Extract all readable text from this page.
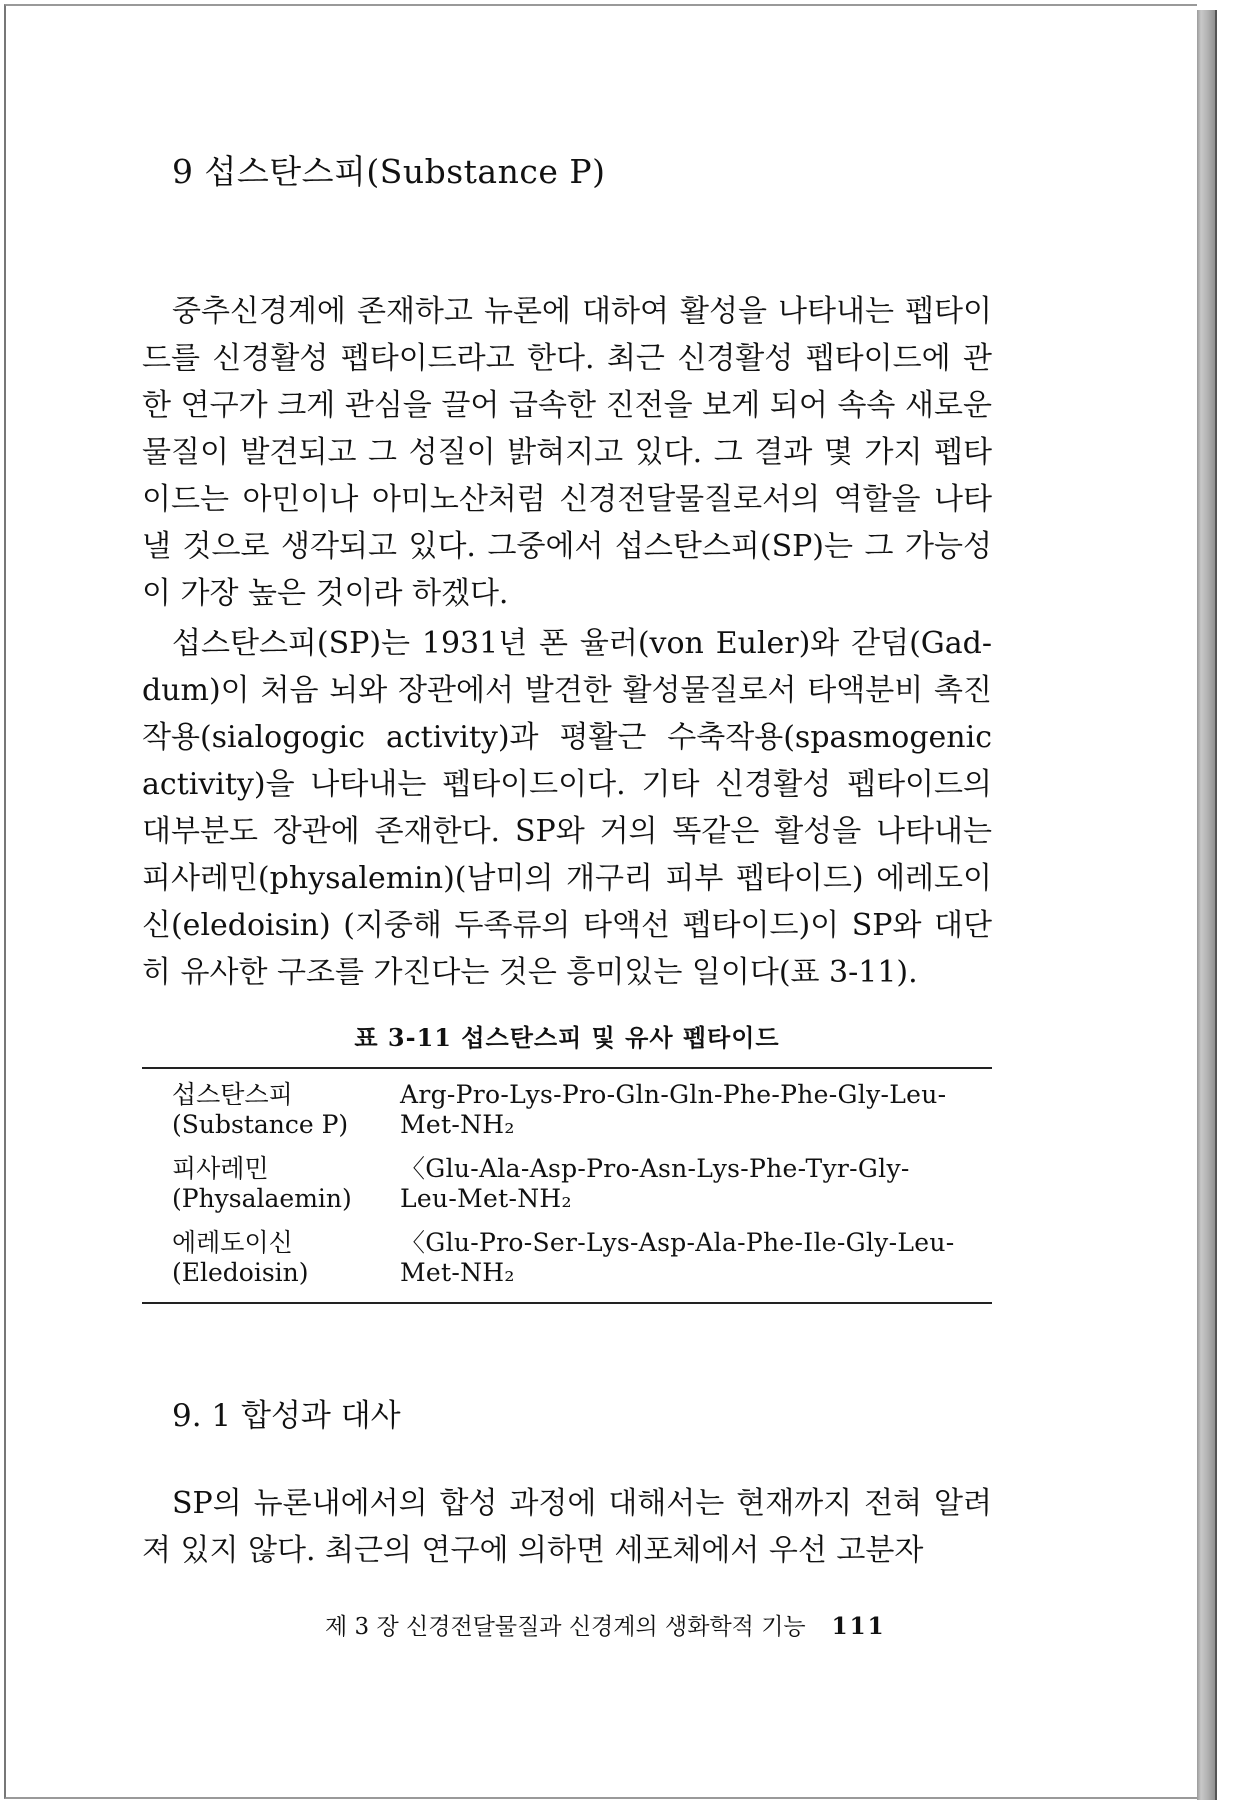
9 섭스탄스피(Substance P)

중추신경계에 존재하고 뉴론에 대하여 활성을 나타내는 펩타이드를 신경활성 펩타이드라고 한다. 최근 신경활성 펩타이드에 관한 연구가 크게 관심을 끌어 급속한 진전을 보게 되어 속속 새로운 물질이 발견되고 그 성질이 밝혀지고 있다. 그 결과 몇 가지 펩타이드는 아민이나 아미노산처럼 신경전달물질로서의 역할을 나타낼 것으로 생각되고 있다. 그중에서 섭스탄스피(SP)는 그 가능성이 가장 높은 것이라 하겠다.

섭스탄스피(SP)는 1931년 폰 율러(von Euler)와 갇덤(Gad-dum)이 처음 뇌와 장관에서 발견한 활성물질로서 타액분비 촉진작용(sialogogic activity)과 평활근 수축작용(spasmogenic activity)을 나타내는 펩타이드이다. 기타 신경활성 펩타이드의 대부분도 장관에 존재한다. SP와 거의 똑같은 활성을 나타내는 피사레민(physalemin)(남미의 개구리 피부 펩타이드) 에레도이신(eledoisin) (지중해 두족류의 타액선 펩타이드)이 SP와 대단히 유사한 구조를 가진다는 것은 흥미있는 일이다(표 3-11).

표 3-11 섭스탄스피 및 유사 펩타이드

섭스탄스피
(Substance P)
Arg-Pro-Lys-Pro-Gln-Gln-Phe-Phe-Gly-Leu-
Met-NH₂
피사레민
(Physalaemin)
〈Glu-Ala-Asp-Pro-Asn-Lys-Phe-Tyr-Gly-
Leu-Met-NH₂
에레도이신
(Eledoisin)
〈Glu-Pro-Ser-Lys-Asp-Ala-Phe-Ile-Gly-Leu-
Met-NH₂
9. 1 합성과 대사

SP의 뉴론내에서의 합성 과정에 대해서는 현재까지 전혀 알려져 있지 않다. 최근의 연구에 의하면 세포체에서 우선 고분자

제 3 장 신경전달물질과 신경계의 생화학적 기능 111
